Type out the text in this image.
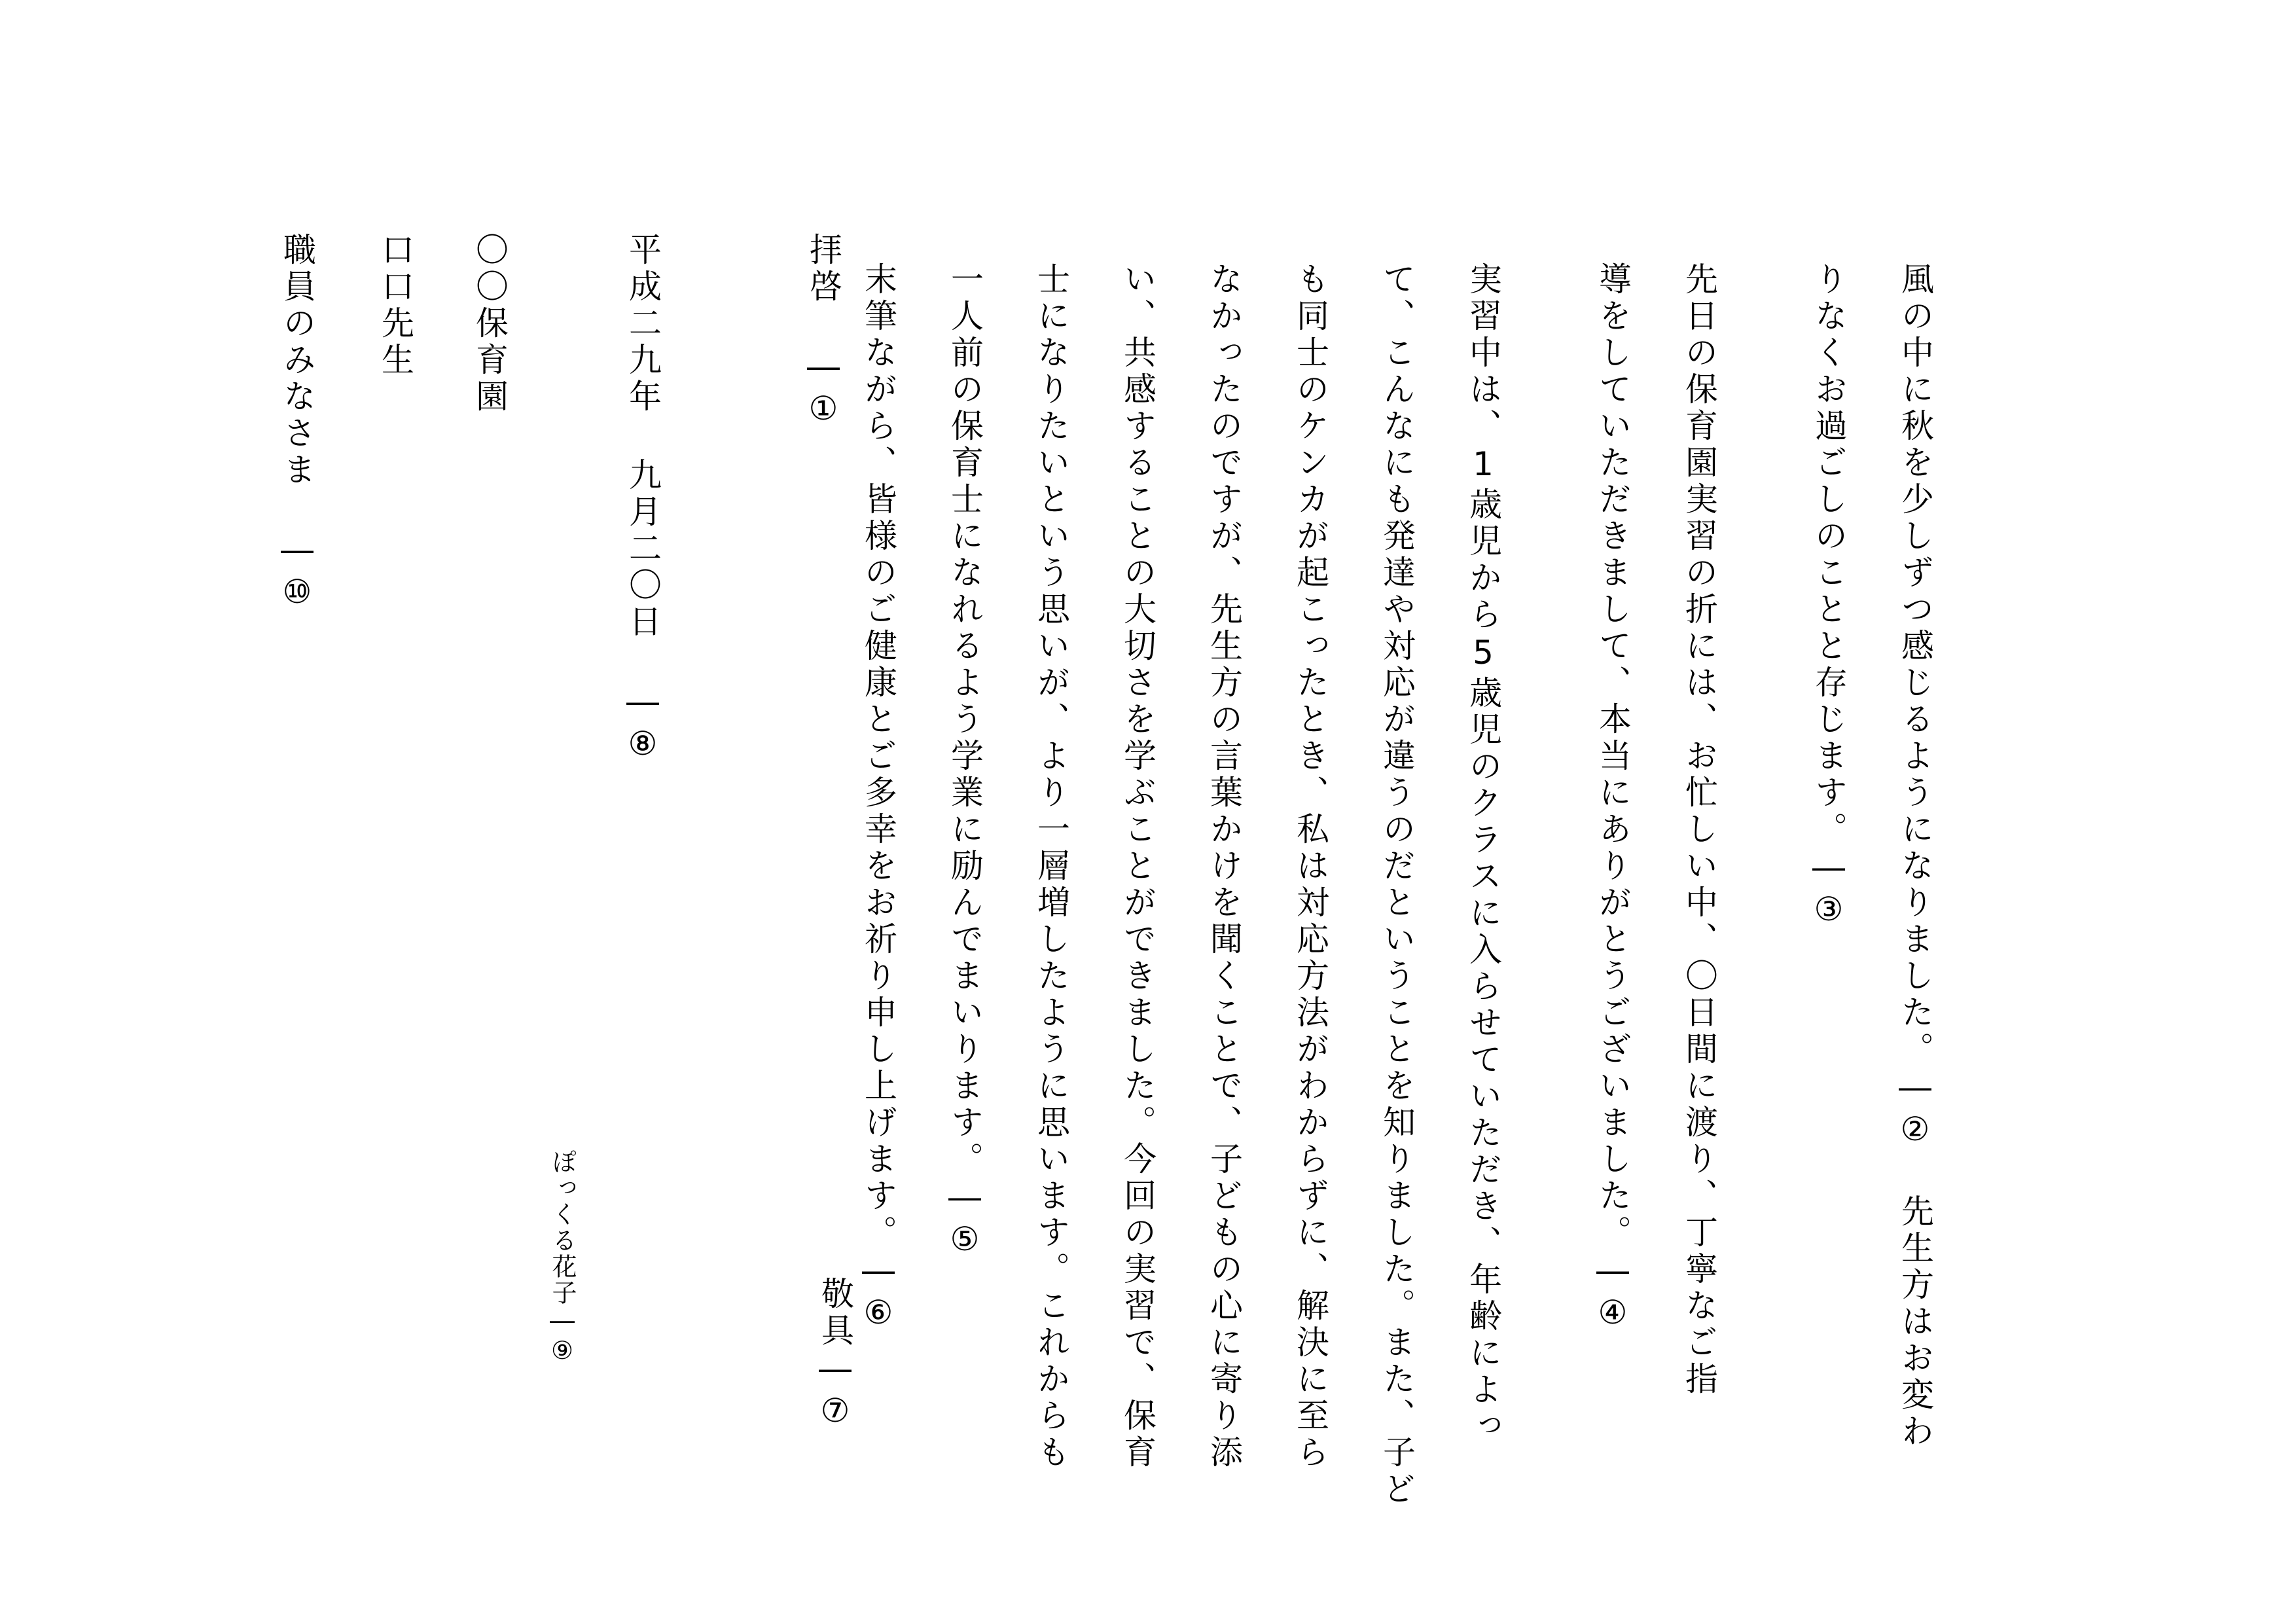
拝啓 ―①	風の中に秋を少しずつ感じるようになりました。―② 先生方はお変わ
りなくお過ごしのことと存じます。―③
先日の保育園実習の折には、お忙しい中、〇日間に渡り、丁寧なご指
導をしていただきまして、本当にありがとうございました。―④
実習中は、1歳児から5歳児のクラスに入らせていただき、年齢によっ
て、こんなにも発達や対応が違うのだということを知りました。また、子ど
も同士のケンカが起こったとき、私は対応方法がわからずに、解決に至ら
なかったのですが、先生方の言葉かけを聞くことで、子どもの心に寄り添
い、共感することの大切さを学ぶことができました。今回の実習で、保育
士になりたいという思いが、より一層増したように思います。これからも
一人前の保育士になれるよう学業に励んでまいります。―⑤
敬具―⑦
末筆ながら、皆様のご健康とご多幸をお祈り申し上げます。―⑥
平成二九年 九月二〇日 ―⑧
ぽっくる花子―⑨
〇〇保育園
口口先生
職員のみなさま ―⑩
